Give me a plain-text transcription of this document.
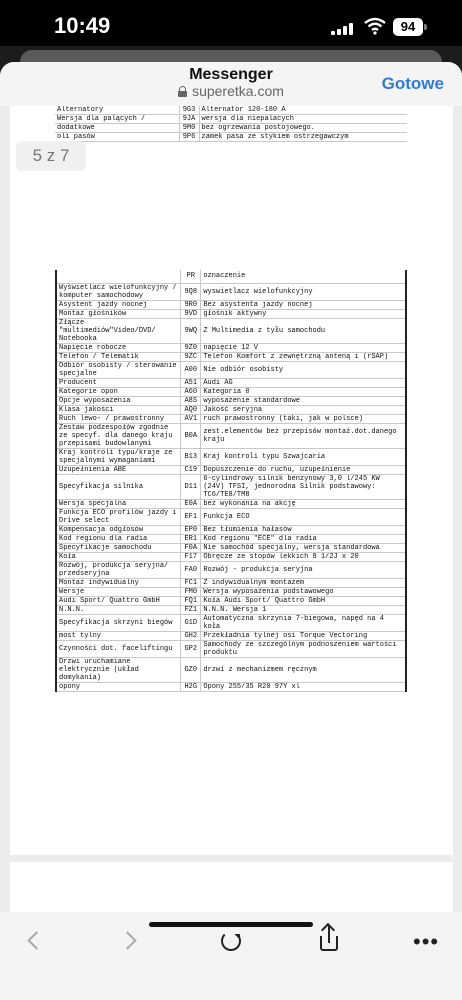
10:49	94
Messenger
superetka.com	Gotowe
Alternatory	9G3	Alternator 120-180 A
Wersja dla palących /	9JA	wersja dla niepalacych
dodatkowe	9M0	bez ogrzewania postojowego.
oli pasów	9P6	zamek pasa ze stykiem ostrzegawczym
5 z 7
	PR	oznaczenie
Wyświetlacz wielofunkcyjny / komputer samochodowy	9Q8	wyswietlacz wielofunkcyjny
Asystent jazdy nocnej	9R0	Bez asystenta jazdy nocnej
Montaż głośników	9VD	głośnik aktywny
Złącze "multimediów"Video/DVD/ Notebooka	9WQ	Z Multimedia z tyłu samochodu
Napięcie robocze	9Z0	napięcie 12 V
Telefon / Telematik	9ZC	Telefon Komfort z zewnętrzną anteną i (rSAP)
Odbiór osobisty / sterowanie specjalne	A00	Nie odbiór osobisty
Producent	A51	Audi AG
Kategorie opon	A60	Kategoria 0
Opcje wyposażenia	A8S	wyposażenie standardowe
Klasa jakości	AQ0	Jakość seryjna
Ruch lewo- / prawostronny	AV1	ruch prawostronny (taki, jak w polsce)
Zestaw podzespołów zgodnie ze specyf. dla danego kraju przepisami budowlanymi	B0A	zest.elementów bez przepisów montaż.dot.danego kraju
Kraj kontroli typu/kraje ze specjalnymi wymaganiami	B13	Kraj kontroli typu Szwajcaria
Uzupełnienia ABE	C19	Dopuszczenie do ruchu, uzupełnienie
Specyfikacja silnika	D11	6-cylindrowy silnik benzynowy 3,0 l/245 KW (24V) TFSI, jednorodna Silnik podstawowy: TC6/TE8/TM8
Wersja specjalna	E0A	bez wykonania na akcję
Funkcja ECO profilów jazdy i Drive select	EF1	Funkcja ECO
Kompensacja odgłosów	EP0	Bez tłumienia hałasów
Kod regionu dla radia	ER1	Kod regionu "ECE" dla radia
Specyfikacje samochodu	F0A	Nie samochód specjalny, wersja standardowa
Koła	F17	Obręcze ze stopów lekkich 8 1/2J x 20
Rozwój, produkcja seryjna/ przedseryjna	FA0	Rozwój - produkcja seryjna
Montaż indywidualny	FC1	Z indywidualnym montażem
Wersje	FM0	Wersja wyposażenia podstawowego
Audi Sport/ Quattro GmbH	FQ1	Koła Audi Sport/ Quattro GmbH
N.N.N.	FZ1	N.N.N. Wersja 1
Specyfikacja skrzyni biegów	G1D	Automatyczna skrzynia 7-biegowa, napęd na 4 koła
most tylny	GH2	Przekładnia tylnej osi Torque Vectoring
Czynności dot. faceliftingu	GP2	Samochody ze szczególnym podnoszeniem wartości produktu
Drzwi uruchamiane elektrycznie (układ domykania)	GZ0	drzwi z mechanizmem ręcznym
opony	H2G	Opony 255/35 R20 97Y xl
•••
